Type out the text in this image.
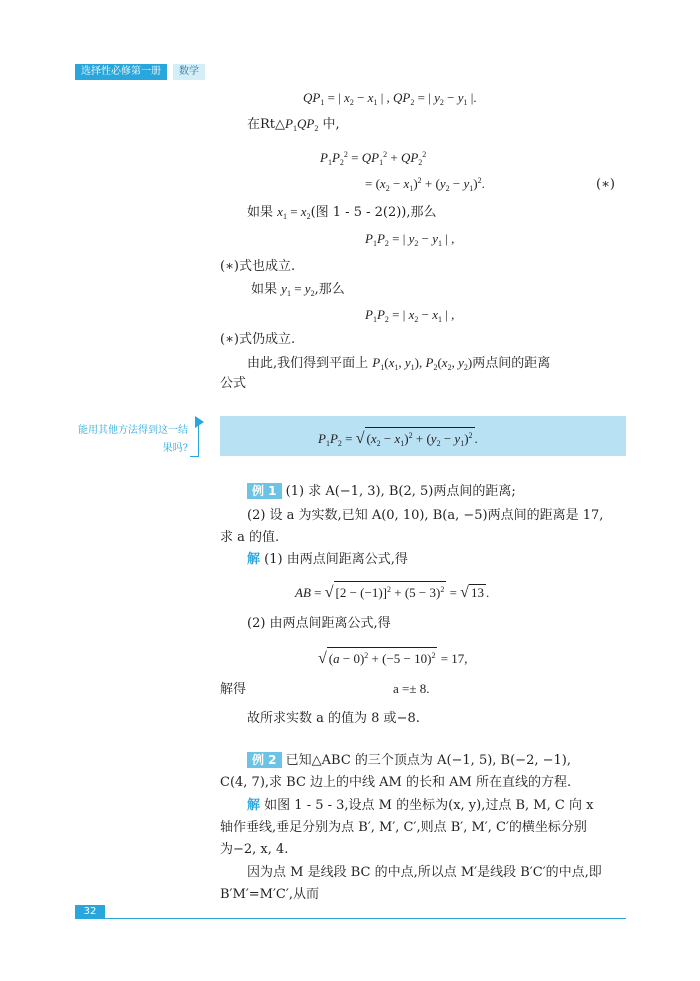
选择性必修第一册	数学
$QP_1$ = | $x_2 - x_1$ | , $QP_2$ = | $y_2 - y_1$ |.
在$Rt\triangle P_1QP_2$ 中,
$P_1P_2^2 = QP_1^2 + QP_2^2$
= $(x_2 - x_1)^2 + (y_2 - y_1)^2$.	(∗)
如果 $x_1 = x_2$(图 1 - 5 - 2(2)),那么
$P_1P_2$ = | $y_2 - y_1$ | ,
(∗)式也成立.
如果 $y_1 = y_2$,那么
$P_1P_2$ = | $x_2 - x_1$ | ,
(∗)式仍成立.
由此,我们得到平面上 $P_1(x_1$, $y_1$), $P_2(x_2$, $y_2$)两点间的距离
公式
能用其他方法得到这一结果吗?
$P_1P_2$ = √ $(x_2 - x_1)^2 + (y_2 - y_1)^2$ .
例 1 (1) 求 A(−1, 3), B(2, 5)两点间的距离;
(2) 设 a 为实数,已知 A(0, 10), B(a, −5)两点间的距离是 17,
求 a 的值.
解 (1) 由两点间距离公式,得
AB = √ $[2 - (-1)]^2 + (5 - 3)^2$ = √ 13 .
(2) 由两点间距离公式,得
√ $(a - 0)^2 + (-5 - 10)^2 = 17$,
解得	a =± 8.
故所求实数 a 的值为 8 或−8.
例 2 已知△ABC 的三个顶点为 A(−1, 5), B(−2, −1),
C(4, 7),求 BC 边上的中线 AM 的长和 AM 所在直线的方程.
解 如图 1 - 5 - 3,设点 M 的坐标为(x, y),过点 B, M, C 向 x
轴作垂线,垂足分别为点 B′, M′, C′,则点 B′, M′, C′的横坐标分别
为−2, x, 4.
因为点 M 是线段 BC 的中点,所以点 M′是线段 B′C′的中点,即
B′M′=M′C′,从而
32
